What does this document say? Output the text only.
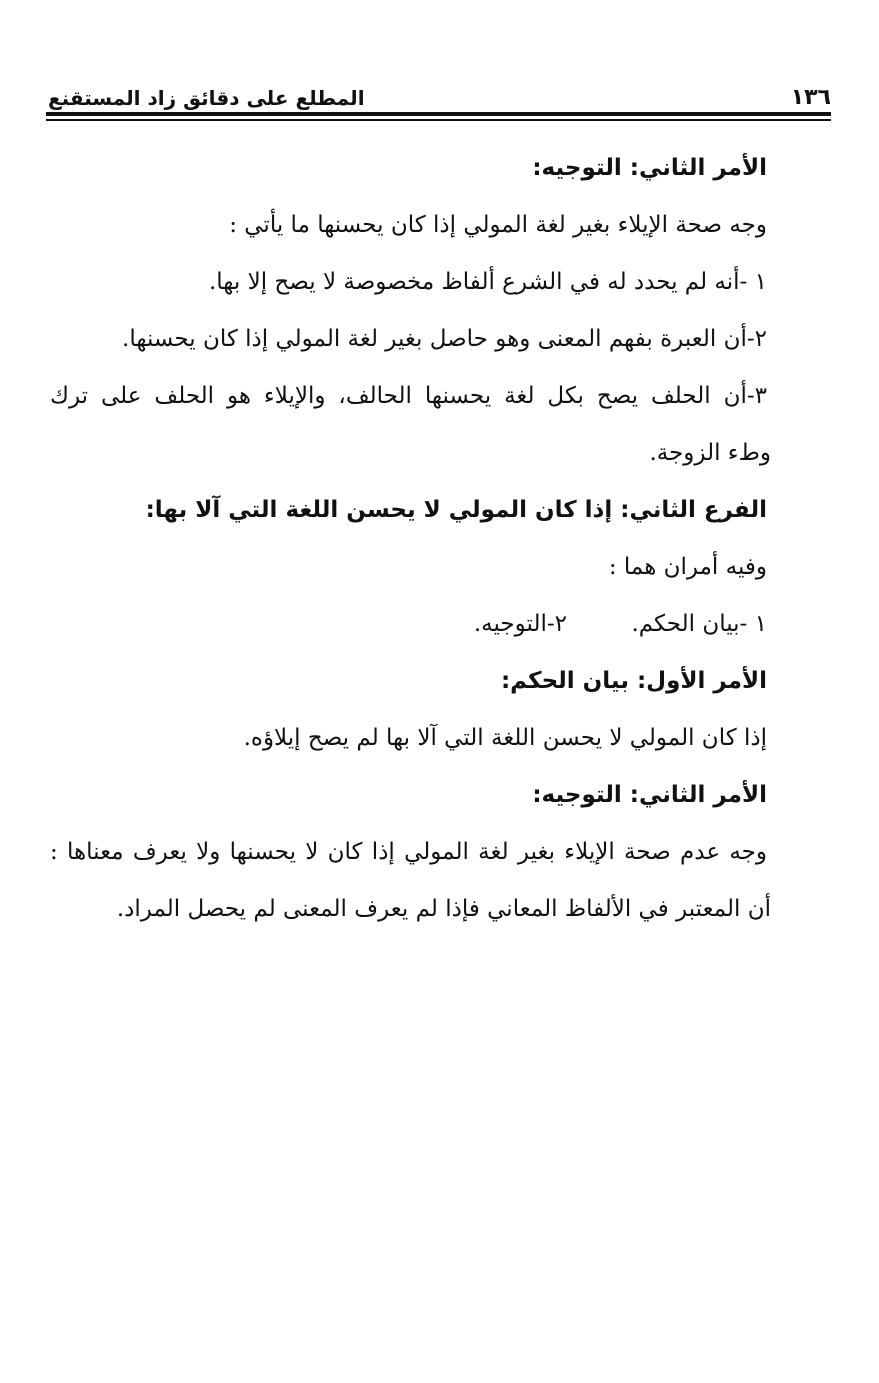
١٣٦
المطلع على دقائق زاد المستقنع
الأمر الثاني: التوجيه:
وجه صحة الإيلاء بغير لغة المولي إذا كان يحسنها ما يأتي :
١ -أنه لم يحدد له في الشرع ألفاظ مخصوصة لا يصح إلا بها.
٢-أن العبرة بفهم المعنى وهو حاصل بغير لغة المولي إذا كان يحسنها.
٣-أن الحلف يصح بكل لغة يحسنها الحالف، والإيلاء هو الحلف على ترك
وطء الزوجة.
الفرع الثاني: إذا كان المولي لا يحسن اللغة التي آلا بها:
وفيه أمران هما :
١ -بيان الحكم.
٢-التوجيه.
الأمر الأول: بيان الحكم:
إذا كان المولي لا يحسن اللغة التي آلا بها لم يصح إيلاؤه.
الأمر الثاني: التوجيه:
وجه عدم صحة الإيلاء بغير لغة المولي إذا كان لا يحسنها ولا يعرف معناها :
أن المعتبر في الألفاظ المعاني فإذا لم يعرف المعنى لم يحصل المراد.
